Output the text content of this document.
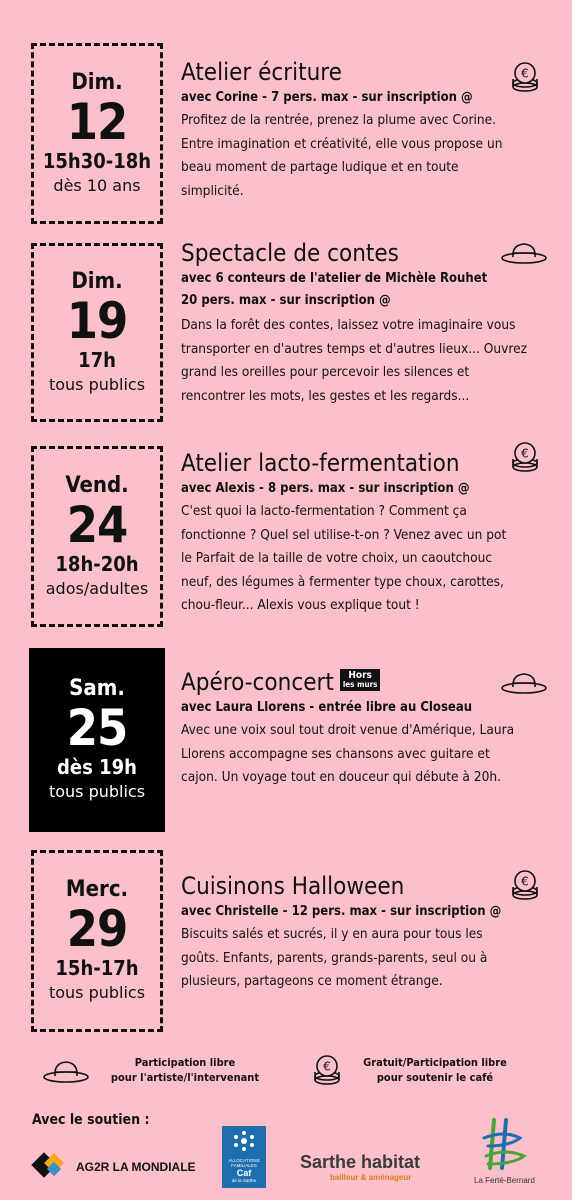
Dim.
12
15h30-18h
dès 10 ans
Atelier écriture
avec Corine - 7 pers. max - sur inscription @
Profitez de la rentrée, prenez la plume avec Corine.
Entre imagination et créativité, elle vous propose un
beau moment de partage ludique et en toute
simplicité.
€
Dim.
19
17h
tous publics
Spectacle de contes
avec 6 conteurs de l'atelier de Michèle Rouhet
20 pers. max - sur inscription @
Dans la forêt des contes, laissez votre imaginaire vous
transporter en d'autres temps et d'autres lieux... Ouvrez
grand les oreilles pour percevoir les silences et
rencontrer les mots, les gestes et les regards...
Vend.
24
18h-20h
ados/adultes
Atelier lacto-fermentation
avec Alexis - 8 pers. max - sur inscription @
C'est quoi la lacto-fermentation ? Comment ça
fonctionne ? Quel sel utilise-t-on ? Venez avec un pot
le Parfait de la taille de votre choix, un caoutchouc
neuf, des légumes à fermenter type choux, carottes,
chou-fleur... Alexis vous explique tout !
€
Sam.
25
dès 19h
tous publics
Apéro-concert Hors
les murs
avec Laura Llorens - entrée libre au Closeau
Avec une voix soul tout droit venue d'Amérique, Laura
Llorens accompagne ses chansons avec guitare et
cajon. Un voyage tout en douceur qui débute à 20h.
Merc.
29
15h-17h
tous publics
Cuisinons Halloween
avec Christelle - 12 pers. max - sur inscription @
Biscuits salés et sucrés, il y en aura pour tous les
goûts. Enfants, parents, grands-parents, seul ou à
plusieurs, partageons ce moment étrange.
€
Participation libre
pour l'artiste/l'intervenant
€	Gratuit/Participation libre
pour soutenir le café
Avec le soutien :
AG2R LA MONDIALE	ALLOCATIONS
FAMILIALES
Caf
de la Sarthe
Sarthe habitat
bailleur & aménageur	La Ferté-Bernard
